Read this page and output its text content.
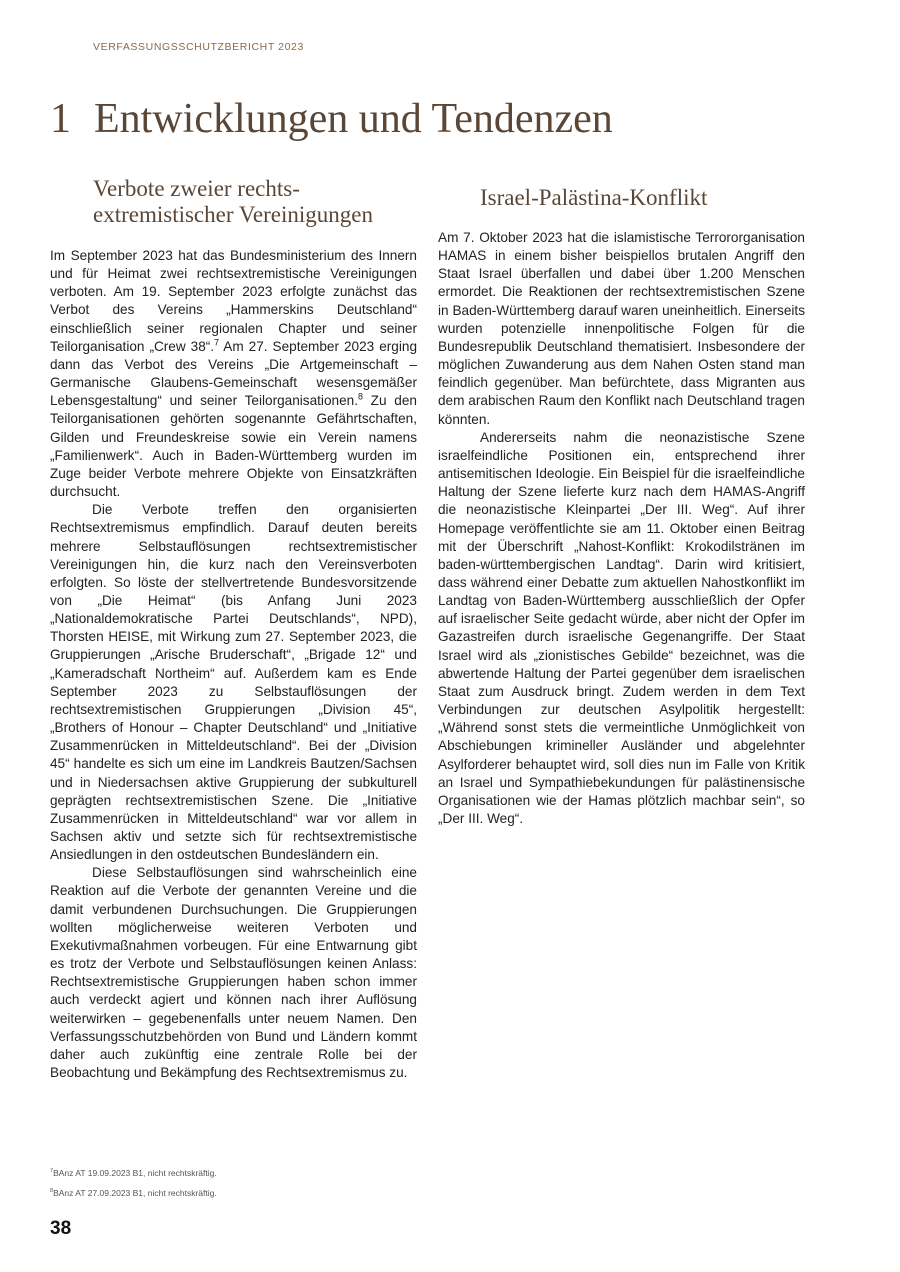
VERFASSUNGSSCHUTZBERICHT 2023
1 Entwicklungen und Tendenzen
Verbote zweier rechts- extremistischer Vereinigungen
Israel-Palästina-Konflikt

Im September 2023 hat das Bundesministerium des Innern und für Heimat zwei rechtsextremistische Vereinigungen verboten. Am 19. September 2023 erfolgte zunächst das Verbot des Vereins „Hammerskins Deutschland“ einschließlich seiner regionalen Chapter und seiner Teilorganisation „Crew 38“.$^7$ Am 27. September 2023 erging dann das Verbot des Vereins „Die Artgemeinschaft – Germanische Glaubens-Gemeinschaft wesensgemäßer Lebensgestaltung“ und seiner Teilorganisationen.$^8$ Zu den Teilorganisationen gehörten sogenannte Gefährtschaften, Gilden und Freundeskreise sowie ein Verein namens „Familienwerk“. Auch in Baden-Württemberg wurden im Zuge beider Verbote mehrere Objekte von Einsatzkräften durchsucht.

Die Verbote treffen den organisierten Rechtsextremismus empfindlich. Darauf deuten bereits mehrere Selbstauflösungen rechtsextremistischer Vereinigungen hin, die kurz nach den Vereinsverboten erfolgten. So löste der stellvertretende Bundesvorsitzende von „Die Heimat“ (bis Anfang Juni 2023 „Nationaldemokratische Partei Deutschlands“, NPD), Thorsten HEISE, mit Wirkung zum 27. September 2023, die Gruppierungen „Arische Bruderschaft“, „Brigade 12“ und „Kameradschaft Northeim“ auf. Außerdem kam es Ende September 2023 zu Selbstauflösungen der rechtsextremistischen Gruppierungen „Division 45“, „Brothers of Honour – Chapter Deutschland“ und „Initiative Zusammenrücken in Mitteldeutschland“. Bei der „Division 45“ handelte es sich um eine im Landkreis Bautzen/Sachsen und in Niedersachsen aktive Gruppierung der subkulturell geprägten rechtsextremistischen Szene. Die „Initiative Zusammenrücken in Mitteldeutschland“ war vor allem in Sachsen aktiv und setzte sich für rechtsextremistische Ansiedlungen in den ostdeutschen Bundesländern ein.

Diese Selbstauflösungen sind wahrscheinlich eine Reaktion auf die Verbote der genannten Vereine und die damit verbundenen Durchsuchungen. Die Gruppierungen wollten möglicherweise weiteren Verboten und Exekutivmaßnahmen vorbeugen. Für eine Entwarnung gibt es trotz der Verbote und Selbstauflösungen keinen Anlass: Rechtsextremistische Gruppierungen haben schon immer auch verdeckt agiert und können nach ihrer Auflösung weiterwirken – gegebenenfalls unter neuem Namen. Den Verfassungsschutzbehörden von Bund und Ländern kommt daher auch zukünftig eine zentrale Rolle bei der Beobachtung und Bekämpfung des Rechtsextremismus zu.

Am 7. Oktober 2023 hat die islamistische Terrororganisation HAMAS in einem bisher beispiellos brutalen Angriff den Staat Israel überfallen und dabei über 1.200 Menschen ermordet. Die Reaktionen der rechtsextremistischen Szene in Baden-Württemberg darauf waren uneinheitlich. Einerseits wurden potenzielle innenpolitische Folgen für die Bundesrepublik Deutschland thematisiert. Insbesondere der möglichen Zuwanderung aus dem Nahen Osten stand man feindlich gegenüber. Man befürchtete, dass Migranten aus dem arabischen Raum den Konflikt nach Deutschland tragen könnten.

Andererseits nahm die neonazistische Szene israelfeindliche Positionen ein, entsprechend ihrer antisemitischen Ideologie. Ein Beispiel für die israelfeindliche Haltung der Szene lieferte kurz nach dem HAMAS-Angriff die neonazistische Kleinpartei „Der III. Weg“. Auf ihrer Homepage veröffentlichte sie am 11. Oktober einen Beitrag mit der Überschrift „Nahost-Konflikt: Krokodilstränen im baden-württembergischen Landtag“. Darin wird kritisiert, dass während einer Debatte zum aktuellen Nahostkonflikt im Landtag von Baden-Württemberg ausschließlich der Opfer auf israelischer Seite gedacht würde, aber nicht der Opfer im Gazastreifen durch israelische Gegenangriffe. Der Staat Israel wird als „zionistisches Gebilde“ bezeichnet, was die abwertende Haltung der Partei gegenüber dem israelischen Staat zum Ausdruck bringt. Zudem werden in dem Text Verbindungen zur deutschen Asylpolitik hergestellt: „Während sonst stets die vermeintliche Unmöglichkeit von Abschiebungen krimineller Ausländer und abgelehnter Asylforderer behauptet wird, soll dies nun im Falle von Kritik an Israel und Sympathiebekundungen für palästinensische Organisationen wie der Hamas plötzlich machbar sein“, so „Der III. Weg“.

$^7$BAnz AT 19.09.2023 B1, nicht rechtskräftig.
$^8$BAnz AT 27.09.2023 B1, nicht rechtskräftig.
38
